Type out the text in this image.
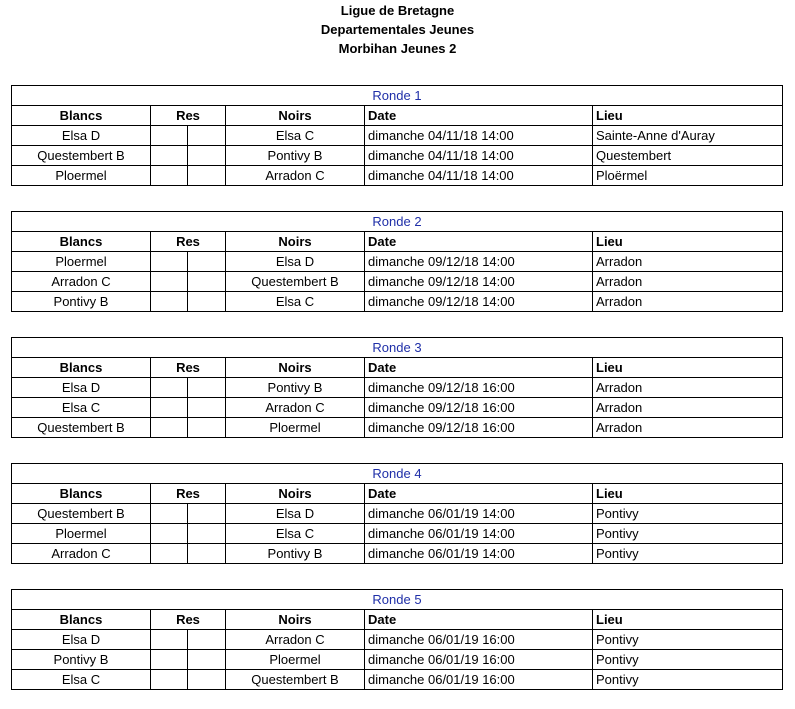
Ligue de Bretagne
Departementales Jeunes
Morbihan Jeunes 2
Ronde 1					
Blancs	Res		Noirs	Date	Lieu
Elsa D			Elsa C	dimanche 04/11/18 14:00	Sainte-Anne d'Auray
Questembert B			Pontivy B	dimanche 04/11/18 14:00	Questembert
Ploermel			Arradon C	dimanche 04/11/18 14:00	Ploërmel
Ronde 2					
Blancs	Res		Noirs	Date	Lieu
Ploermel			Elsa D	dimanche 09/12/18 14:00	Arradon
Arradon C			Questembert B	dimanche 09/12/18 14:00	Arradon
Pontivy B			Elsa C	dimanche 09/12/18 14:00	Arradon
Ronde 3					
Blancs	Res		Noirs	Date	Lieu
Elsa D			Pontivy B	dimanche 09/12/18 16:00	Arradon
Elsa C			Arradon C	dimanche 09/12/18 16:00	Arradon
Questembert B			Ploermel	dimanche 09/12/18 16:00	Arradon
Ronde 4					
Blancs	Res		Noirs	Date	Lieu
Questembert B			Elsa D	dimanche 06/01/19 14:00	Pontivy
Ploermel			Elsa C	dimanche 06/01/19 14:00	Pontivy
Arradon C			Pontivy B	dimanche 06/01/19 14:00	Pontivy
Ronde 5					
Blancs	Res		Noirs	Date	Lieu
Elsa D			Arradon C	dimanche 06/01/19 16:00	Pontivy
Pontivy B			Ploermel	dimanche 06/01/19 16:00	Pontivy
Elsa C			Questembert B	dimanche 06/01/19 16:00	Pontivy
